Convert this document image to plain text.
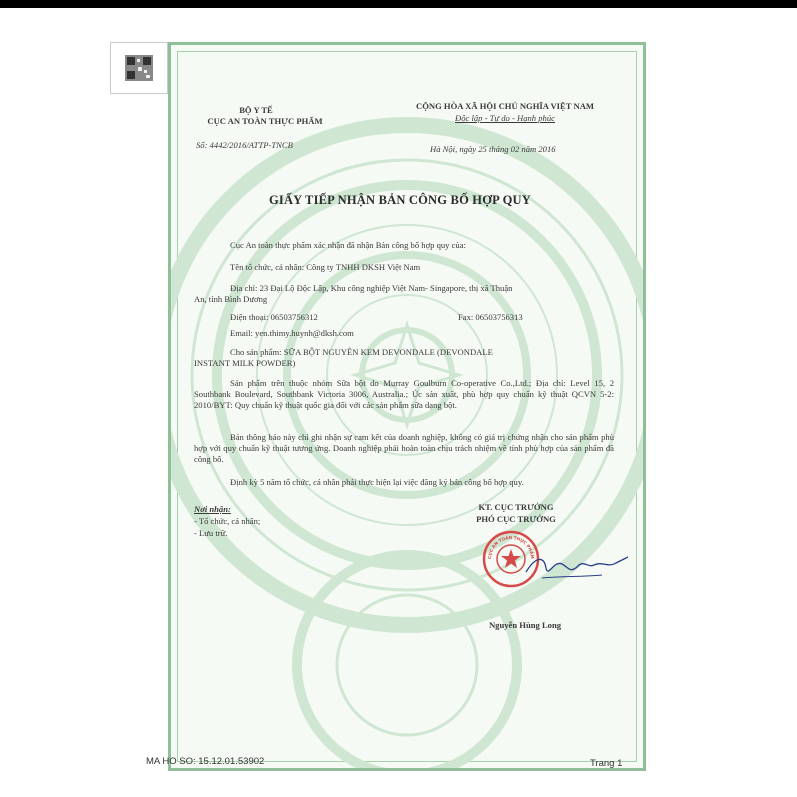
BỘ Y TẾ
CỤC AN TOÀN THỰC PHẨM
Số: 4442/2016/ATTP-TNCB
CỘNG HÒA XÃ HỘI CHỦ NGHĨA VIỆT NAM
Độc lập - Tự do - Hạnh phúc
Hà Nội, ngày 25 tháng 02 năm 2016
GIẤY TIẾP NHẬN BẢN CÔNG BỐ HỢP QUY
Cục An toàn thực phẩm xác nhận đã nhận Bản công bố hợp quy của:
Tên tổ chức, cá nhân: Công ty TNHH DKSH Việt Nam
Địa chỉ: 23 Đại Lộ Độc Lập, Khu công nghiệp Việt Nam- Singapore, thị xã Thuận
An, tỉnh Bình Dương
Điện thoại: 06503756312	Fax: 06503756313
Email: yen.thimy.huynh@dksh.com
Cho sản phẩm: SỮA BỘT NGUYÊN KEM DEVONDALE (DEVONDALE
INSTANT MILK POWDER)
Sản phẩm trên thuộc nhóm Sữa bột do Murray Goulburn Co-operative Co.,Ltd.; Địa chỉ: Level 15, 2 Southbank Boulevard, Southbank Victoria 3006, Australia.; Úc sản xuất, phù hợp quy chuẩn kỹ thuật QCVN 5-2: 2010/BYT: Quy chuẩn kỹ thuật quốc gia đối với các sản phẩm sữa dạng bột.
Bản thông báo này chỉ ghi nhận sự cam kết của doanh nghiệp, không có giá trị chứng nhận cho sản phẩm phù hợp với quy chuẩn kỹ thuật tương ứng. Doanh nghiệp phải hoàn toàn chịu trách nhiệm về tính phù hợp của sản phẩm đã công bố.
Định kỳ 5 năm tổ chức, cá nhân phải thực hiện lại việc đăng ký bản công bố hợp quy.
Nơi nhận:
- Tổ chức, cá nhân;
- Lưu trữ.
KT. CỤC TRƯỞNG
PHÓ CỤC TRƯỞNG
CỤC AN TOÀN THỰC PHẨM
Nguyễn Hùng Long
MA HO SO: 15.12.01.53902	Trang 1
